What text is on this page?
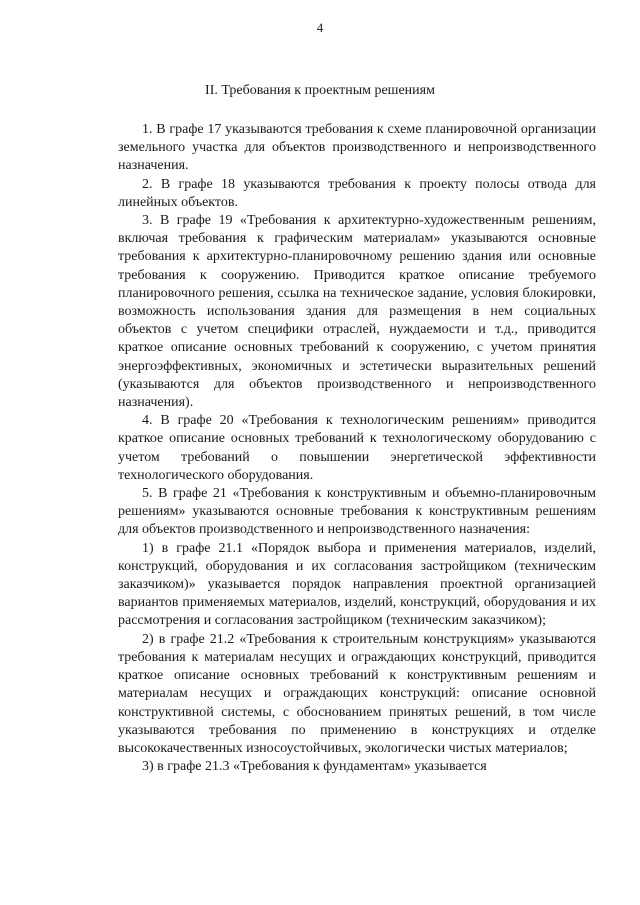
4
II. Требования к проектным решениям

1. В графе 17 указываются требования к схеме планировочной организации земельного участка для объектов производственного и непроизводственного назначения.

2. В графе 18 указываются требования к проекту полосы отвода для линейных объектов.

3. В графе 19 «Требования к архитектурно-художественным решениям, включая требования к графическим материалам» указываются основные требования к архитектурно-планировочному решению здания или основные требования к сооружению. Приводится краткое описание требуемого планировочного решения, ссылка на техническое задание, условия блокировки, возможность использования здания для размещения в нем социальных объектов с учетом специфики отраслей, нуждаемости и т.д., приводится краткое описание основных требований к сооружению, с учетом принятия энергоэффективных, экономичных и эстетически выразительных решений (указываются для объектов производственного и непроизводственного назначения).

4. В графе 20 «Требования к технологическим решениям» приводится краткое описание основных требований к технологическому оборудованию с учетом требований о повышении энергетической эффективности технологического оборудования.

5. В графе 21 «Требования к конструктивным и объемно-планировочным решениям» указываются основные требования к конструктивным решениям для объектов производственного и непроизводственного назначения:

1) в графе 21.1 «Порядок выбора и применения материалов, изделий, конструкций, оборудования и их согласования застройщиком (техническим заказчиком)» указывается порядок направления проектной организацией вариантов применяемых материалов, изделий, конструкций, оборудования и их рассмотрения и согласования застройщиком (техническим заказчиком);

2) в графе 21.2 «Требования к строительным конструкциям» указываются требования к материалам несущих и ограждающих конструкций, приводится краткое описание основных требований к конструктивным решениям и материалам несущих и ограждающих конструкций: описание основной конструктивной системы, с обоснованием принятых решений, в том числе указываются требования по применению в конструкциях и отделке высококачественных износоустойчивых, экологически чистых материалов;

3) в графе 21.3 «Требования к фундаментам» указывается
